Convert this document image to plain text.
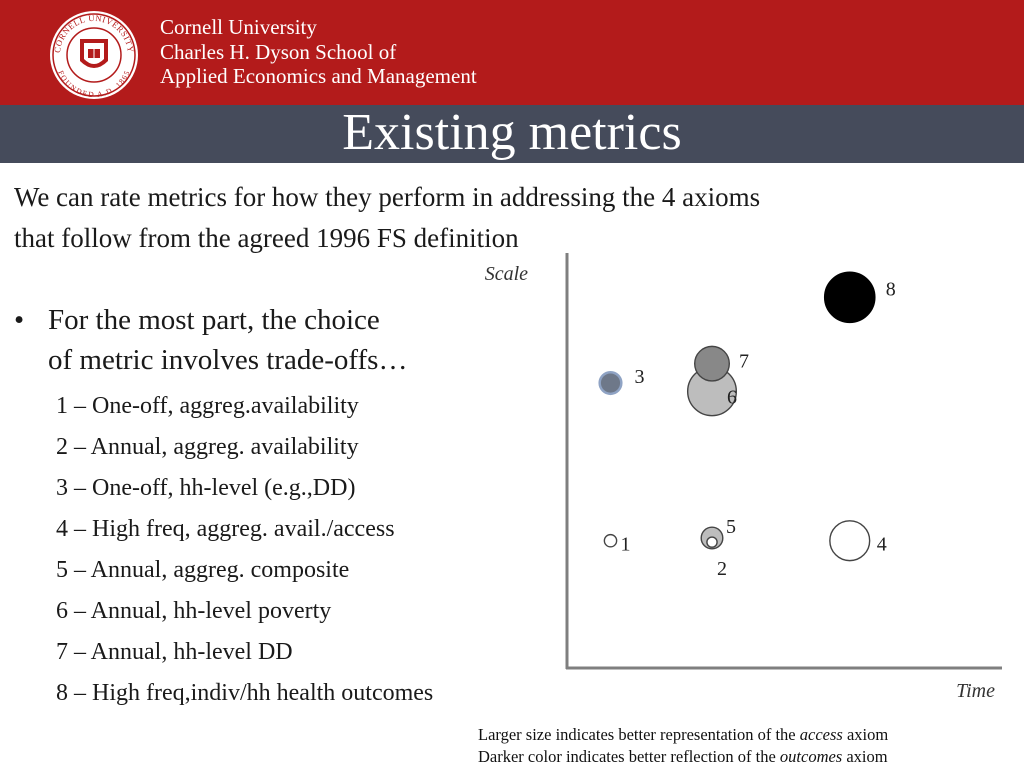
CORNELL UNIVERSITY
FOUNDED A.D. 1865
Cornell University
Charles H. Dyson School of
Applied Economics and Management
Existing metrics
We can rate metrics for how they perform in addressing the 4 axioms
that follow from the agreed 1996 FS definition
• For the most part, the choice
of metric involves trade-offs…
1 – One-off, aggreg.availability
2 – Annual, aggreg. availability
3 – One-off, hh-level (e.g.,DD)
4 – High freq, aggreg. avail./access
5 – Annual, aggreg. composite
6 – Annual, hh-level poverty
7 – Annual, hh-level DD
8 – High freq,indiv/hh health outcomes
Scale
Time
1
2
3
4
5
6
7
8
Larger size indicates better representation of the access axiom
Darker color indicates better reflection of the outcomes axiom
